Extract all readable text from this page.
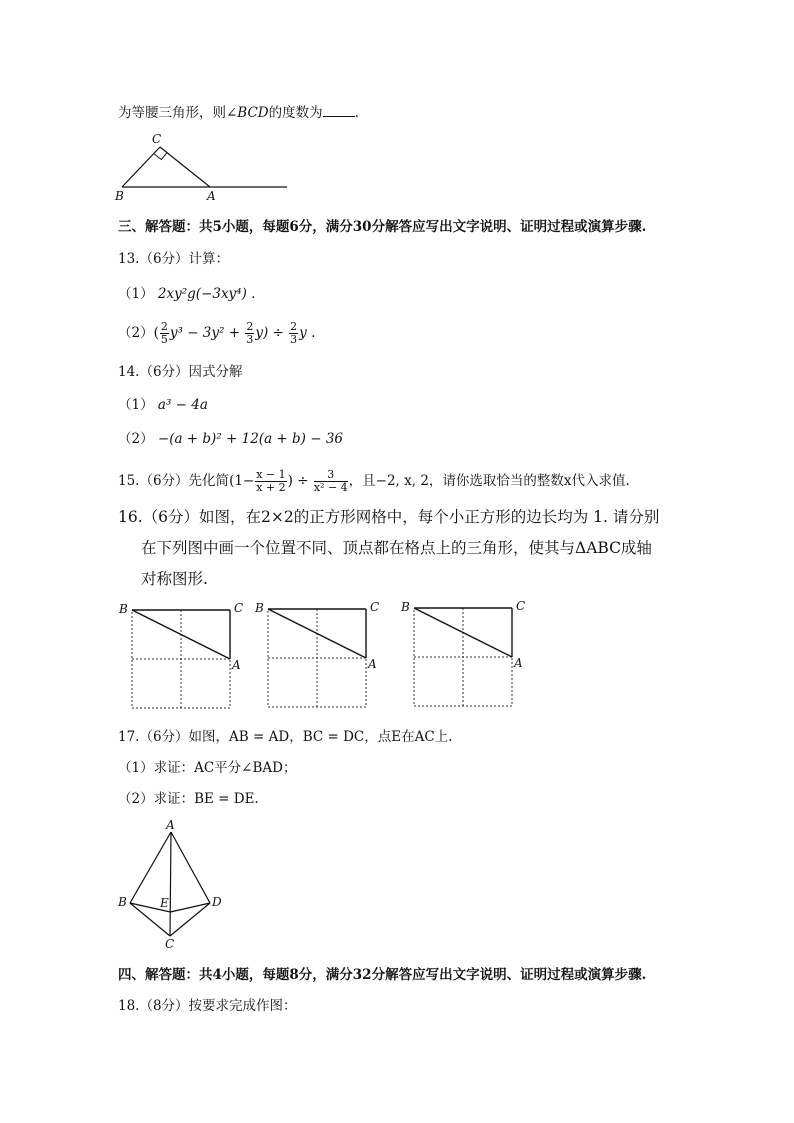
为等腰三角形，则∠BCD的度数为 .
C
B	A
三、解答题：共5小题，每题6分，满分30分解答应写出文字说明、证明过程或演算步骤.
13.（6分）计算：
（1） 2xy²g(−3xy⁴) .
$(2)( \frac{2}{5} y^3 - 3y^2 + \frac{2}{3} y) \div \frac{2}{3}$ y .
14.（6分）因式分解
（1） a³ − 4a
（2） −(a + b)² + 12(a + b) − 36
15.（6分）先化简($1- \frac{x - 1}{x + 2}$ ) ÷ $\frac{3}{\text{x² − 4}}$ ，且−2, x, 2，请你选取恰当的整数x代入求值.
16.（6分）如图，在2×2的正方形网格中，每个小正方形的边长均为 1. 请分别
在下列图中画一个位置不同、顶点都在格点上的三角形，使其与ΔABC成轴
对称图形.
B	C
A
B	C
A
B	C
A
17.（6分）如图，AB = AD，BC = DC，点E在AC上.
（1）求证：AC平分∠BAD；
（2）求证：BE = DE.
A
B	E	D
C
四、解答题：共4小题，每题8分，满分32分解答应写出文字说明、证明过程或演算步骤.
18.（8分）按要求完成作图：
